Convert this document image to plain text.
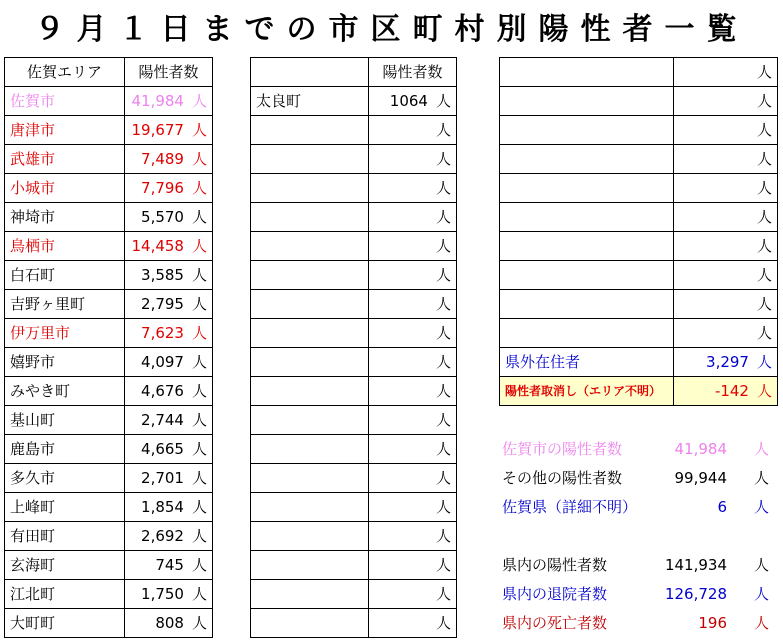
９月１日までの市区町村別陽性者一覧
佐賀エリア	陽性者数
佐賀市	41,984 人
唐津市	19,677 人
武雄市	7,489 人
小城市	7,796 人
神埼市	5,570 人
鳥栖市	14,458 人
白石町	3,585 人
吉野ヶ里町	2,795 人
伊万里市	7,623 人
嬉野市	4,097 人
みやき町	4,676 人
基山町	2,744 人
鹿島市	4,665 人
多久市	2,701 人
上峰町	1,854 人
有田町	2,692 人
玄海町	745 人
江北町	1,750 人
大町町	808 人
	陽性者数
太良町	1064 人
	人
	人
	人
	人
	人
	人
	人
	人
	人
	人
	人
	人
	人
	人
	人
	人
	人
	人
	人
	人
	人
	人
	人
	人
	人
	人
	人
	人
県外在住者	3,297 人
陽性者取消し（エリア不明）	-142 人
佐賀市の陽性者数	41,984 人
その他の陽性者数	99,944 人
佐賀県（詳細不明）	6 人
県内の陽性者数	141,934 人
県内の退院者数	126,728 人
県内の死亡者数	196 人
